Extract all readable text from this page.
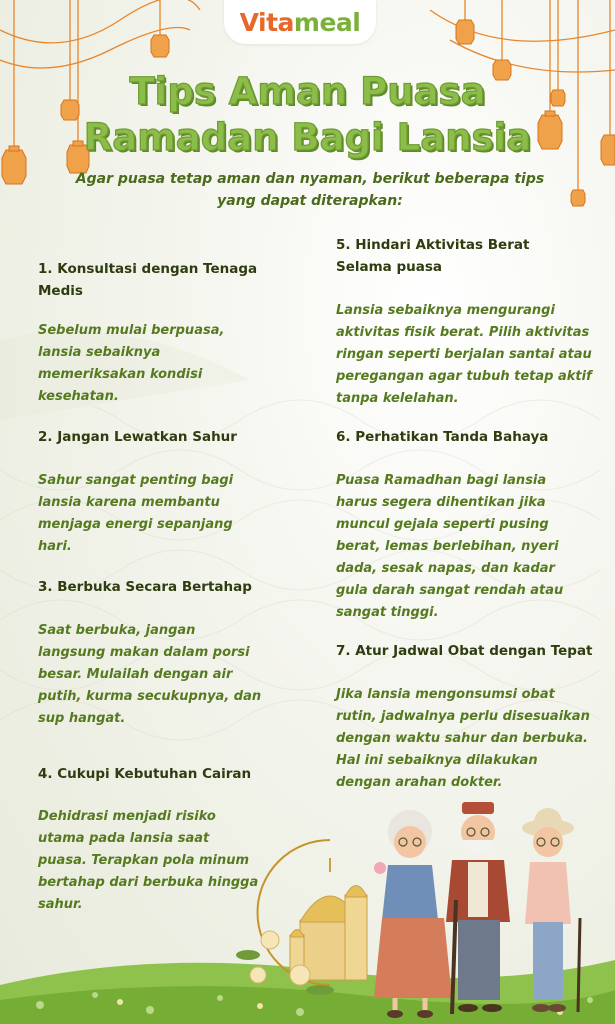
Vitameal
Tips Aman Puasa
Ramadan Bagi Lansia
Agar puasa tetap aman dan nyaman, berikut beberapa tips yang dapat diterapkan:
1. Konsultasi dengan Tenaga Medis
Sebelum mulai berpuasa, lansia sebaiknya memeriksakan kondisi kesehatan.
2. Jangan Lewatkan Sahur
Sahur sangat penting bagi lansia karena membantu menjaga energi sepanjang hari.
3. Berbuka Secara Bertahap
Saat berbuka, jangan langsung makan dalam porsi besar. Mulailah dengan air putih, kurma secukupnya, dan sup hangat.
4. Cukupi Kebutuhan Cairan
Dehidrasi menjadi risiko utama pada lansia saat puasa. Terapkan pola minum bertahap dari berbuka hingga sahur.
5. Hindari Aktivitas Berat Selama puasa
Lansia sebaiknya mengurangi aktivitas fisik berat. Pilih aktivitas ringan seperti berjalan santai atau peregangan agar tubuh tetap aktif tanpa kelelahan.
6. Perhatikan Tanda Bahaya
Puasa Ramadhan bagi lansia harus segera dihentikan jika muncul gejala seperti pusing berat, lemas berlebihan, nyeri dada, sesak napas, dan kadar gula darah sangat rendah atau sangat tinggi.
7. Atur Jadwal Obat dengan Tepat
Jika lansia mengonsumsi obat rutin, jadwalnya perlu disesuaikan dengan waktu sahur dan berbuka. Hal ini sebaiknya dilakukan dengan arahan dokter.
